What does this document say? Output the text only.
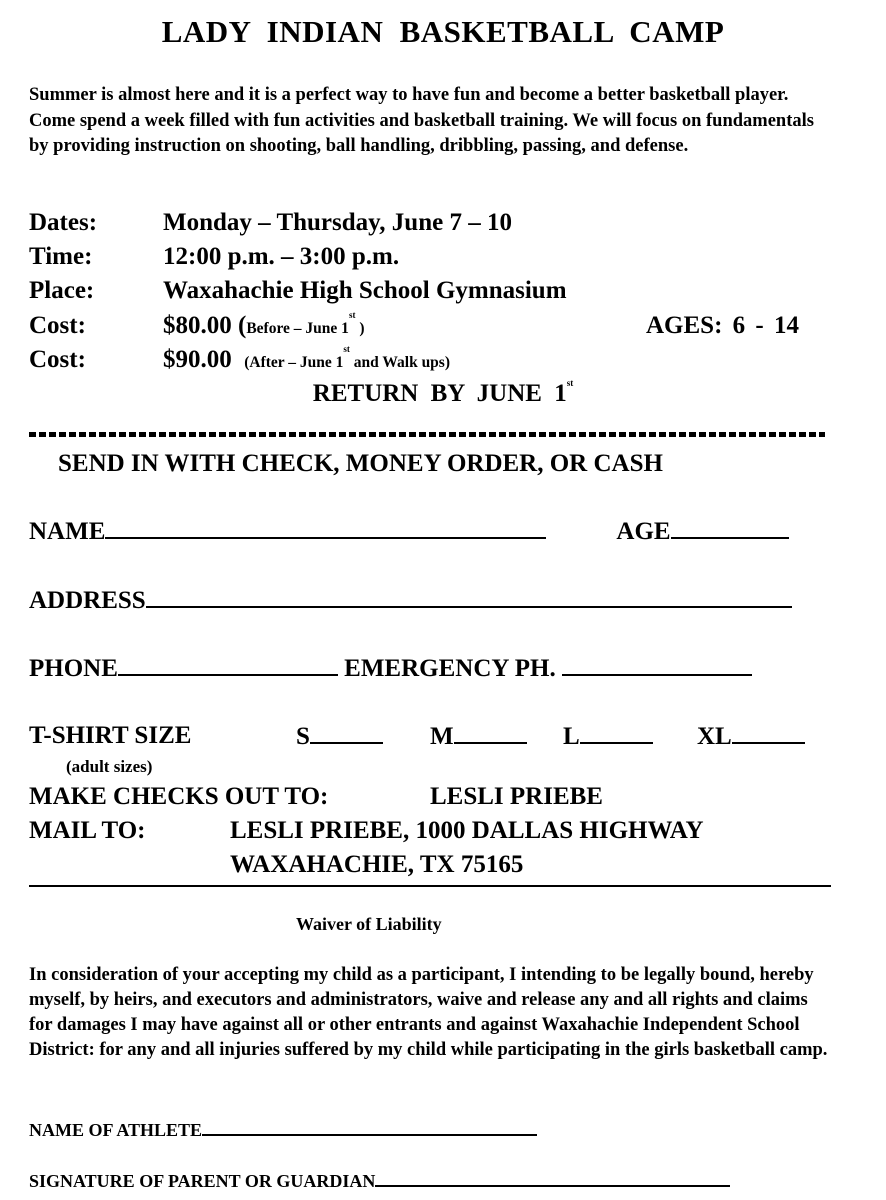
LADY INDIAN BASKETBALL CAMP
Summer is almost here and it is a perfect way to have fun and become a better basketball player. Come spend a week filled with fun activities and basketball training. We will focus on fundamentals by providing instruction on shooting, ball handling, dribbling, passing, and defense.
Dates:	Monday – Thursday, June 7 – 10
Time:	12:00 p.m. – 3:00 p.m.
Place:	Waxahachie High School Gymnasium
Cost:	$80.00 (Before – June 1st )	AGES: 6 - 14
Cost:	$90.00 (After – June 1st and Walk ups)
RETURN BY JUNE 1st
SEND IN WITH CHECK, MONEY ORDER, OR CASH
NAME	AGE
ADDRESS
PHONE	EMERGENCY PH.
T-SHIRT SIZE	S	M	L	XL
(adult sizes)
MAKE CHECKS OUT TO:	LESLI PRIEBE
MAIL TO:	LESLI PRIEBE, 1000 DALLAS HIGHWAY
WAXAHACHIE, TX 75165
Waiver of Liability
In consideration of your accepting my child as a participant, I intending to be legally bound, hereby myself, by heirs, and executors and administrators, waive and release any and all rights and claims for damages I may have against all or other entrants and against Waxahachie Independent School District: for any and all injuries suffered by my child while participating in the girls basketball camp.
NAME OF ATHLETE
SIGNATURE OF PARENT OR GUARDIAN
